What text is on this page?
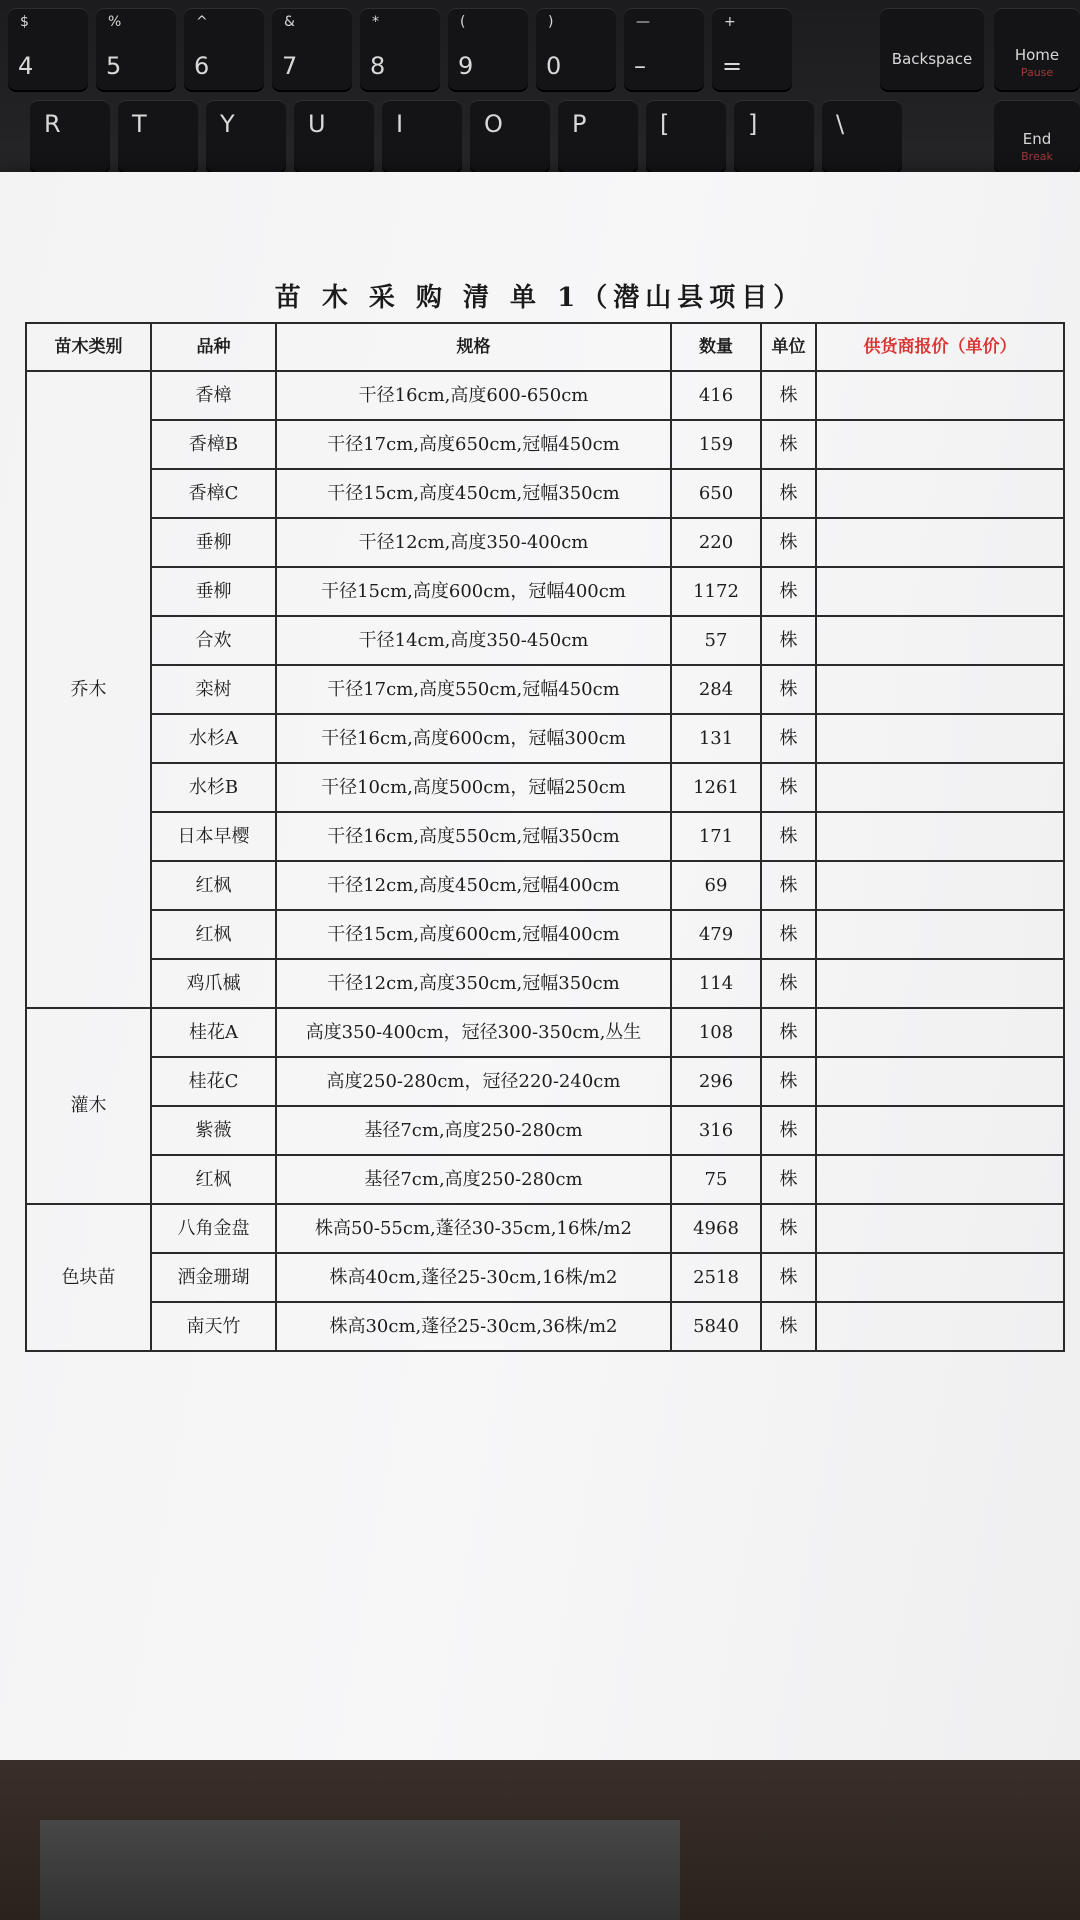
$
4
%
5
^
6
&
7
*
8
(
9
)
0
—
–
+
=
R	T	Y	U	I	O	P	[	]	\
Backspace	Home
Pause
End
Break
苗 木 采 购 清 单 1（潜山县项目）
苗木类别	品种	规格	数量	单位	供货商报价（单价）
乔木	香樟	干径16cm,高度600-650cm	416	株	
	香樟B	干径17cm,高度650cm,冠幅450cm	159	株	
	香樟C	干径15cm,高度450cm,冠幅350cm	650	株	
	垂柳	干径12cm,高度350-400cm	220	株	
	垂柳	干径15cm,高度600cm，冠幅400cm	1172	株	
	合欢	干径14cm,高度350-450cm	57	株	
	栾树	干径17cm,高度550cm,冠幅450cm	284	株	
	水杉A	干径16cm,高度600cm，冠幅300cm	131	株	
	水杉B	干径10cm,高度500cm，冠幅250cm	1261	株	
	日本早樱	干径16cm,高度550cm,冠幅350cm	171	株	
	红枫	干径12cm,高度450cm,冠幅400cm	69	株	
	红枫	干径15cm,高度600cm,冠幅400cm	479	株	
	鸡爪槭	干径12cm,高度350cm,冠幅350cm	114	株	
灌木	桂花A	高度350-400cm，冠径300-350cm,丛生	108	株	
	桂花C	高度250-280cm，冠径220-240cm	296	株	
	紫薇	基径7cm,高度250-280cm	316	株	
	红枫	基径7cm,高度250-280cm	75	株	
色块苗	八角金盘	株高50-55cm,蓬径30-35cm,16株/m2	4968	株	
	洒金珊瑚	株高40cm,蓬径25-30cm,16株/m2	2518	株	
	南天竹	株高30cm,蓬径25-30cm,36株/m2	5840	株	
